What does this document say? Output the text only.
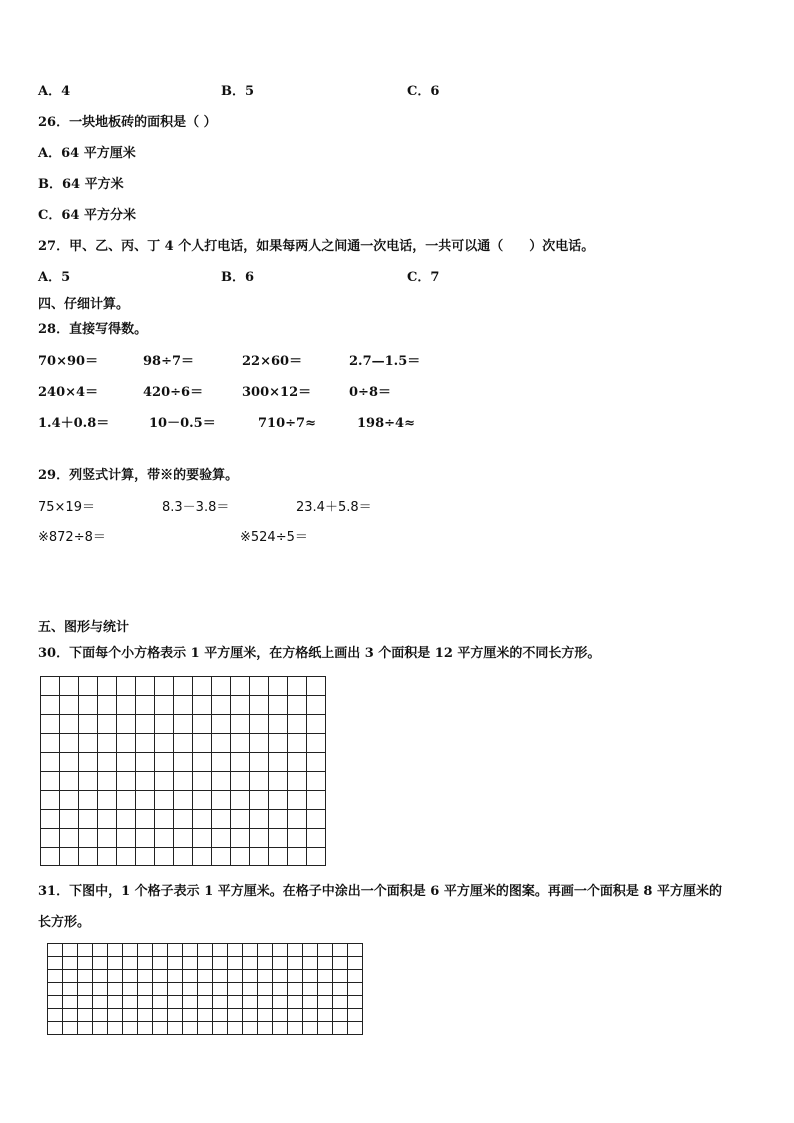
A．4	B．5	C．6
26．一块地板砖的面积是（ ）
A．64 平方厘米
B．64 平方米
C．64 平方分米
27．甲、乙、丙、丁 4 个人打电话，如果每两人之间通一次电话，一共可以通（　　）次电话。
A．5	B．6	C．7
四、仔细计算。
28．直接写得数。
70×90＝	98÷7＝	22×60＝	2.7—1.5＝
240×4＝	420÷6＝	300×12＝	0÷8＝
1.4＋0.8＝	10－0.5＝	710÷7≈	198÷4≈
29．列竖式计算，带※的要验算。
75×19＝	8.3－3.8＝	23.4＋5.8＝
※872÷8＝	※524÷5＝
五、图形与统计
30．下面每个小方格表示 1 平方厘米，在方格纸上画出 3 个面积是 12 平方厘米的不同长方形。
31．下图中，1 个格子表示 1 平方厘米。在格子中涂出一个面积是 6 平方厘米的图案。再画一个面积是 8 平方厘米的
长方形。
